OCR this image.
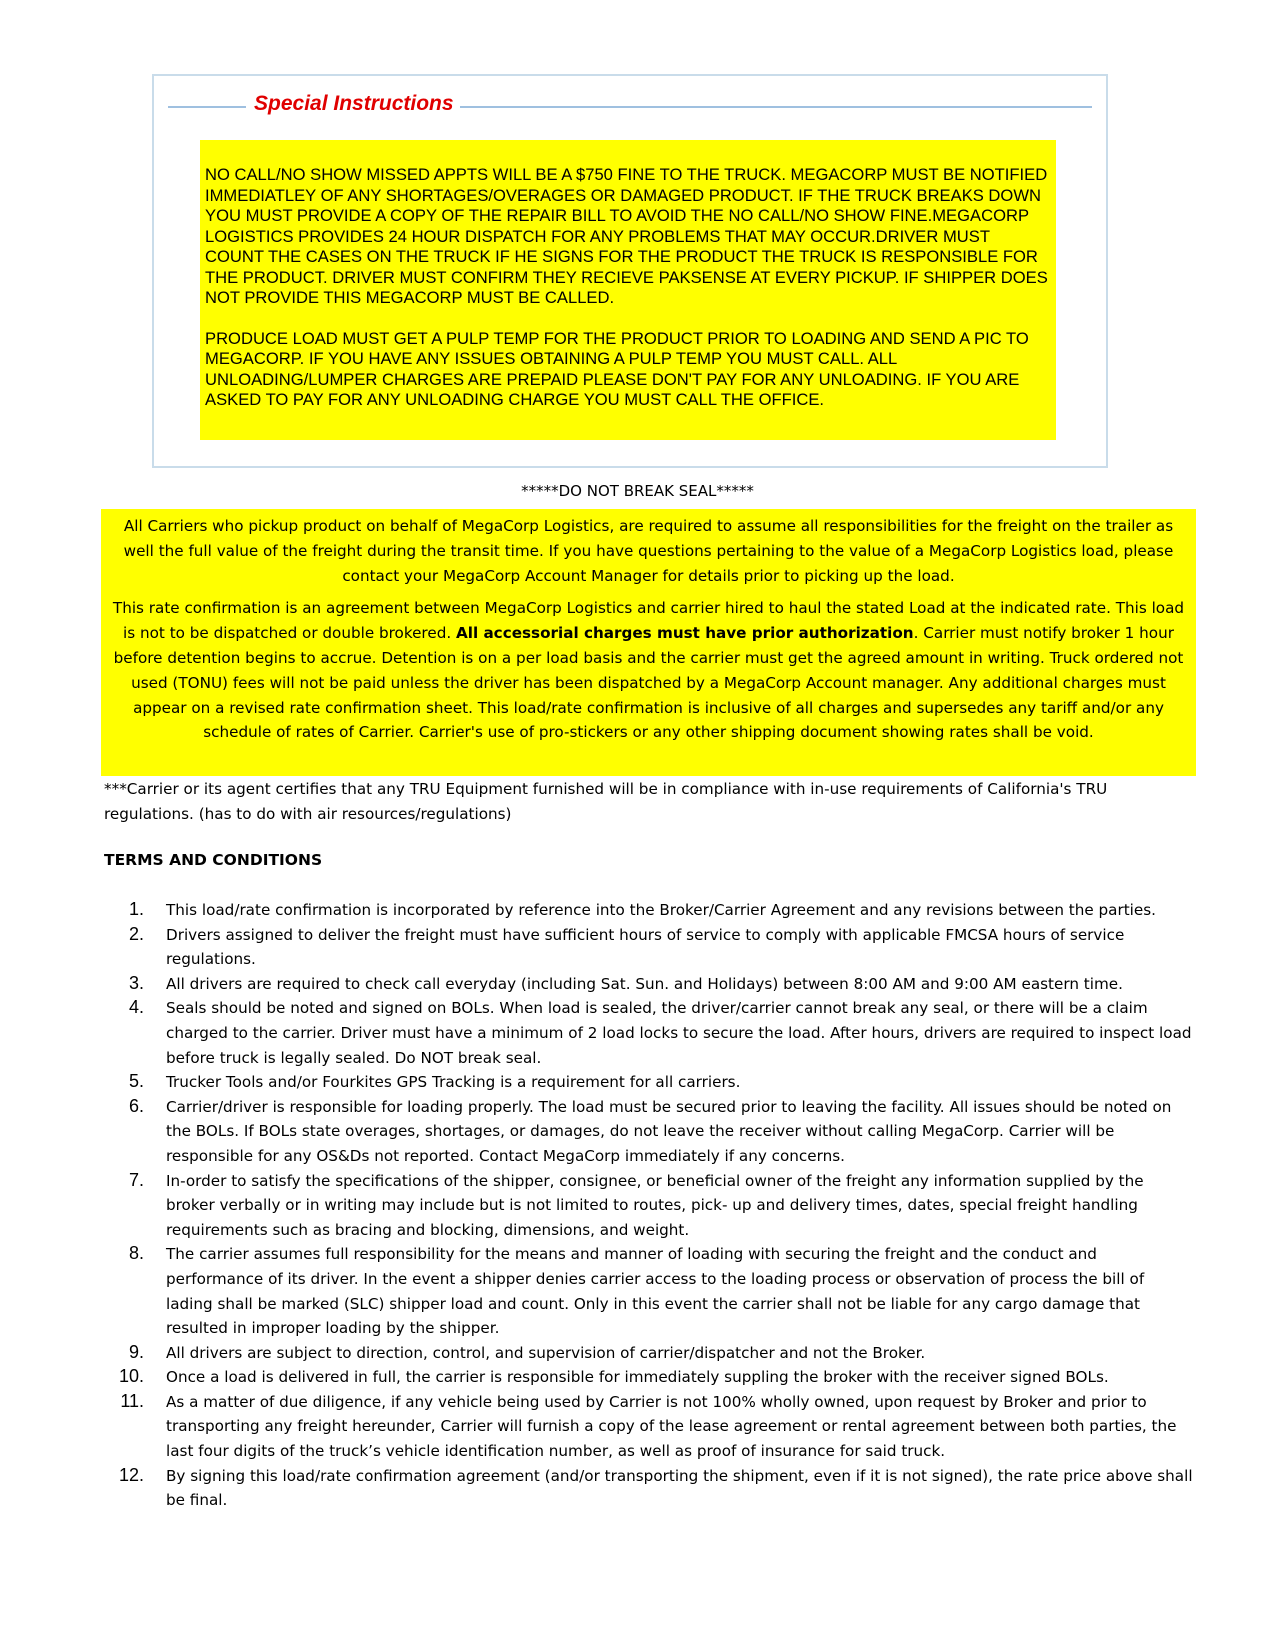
Special Instructions

NO CALL/NO SHOW MISSED APPTS WILL BE A $750 FINE TO THE TRUCK. MEGACORP MUST BE NOTIFIED IMMEDIATLEY OF ANY SHORTAGES/OVERAGES OR DAMAGED PRODUCT. IF THE TRUCK BREAKS DOWN YOU MUST PROVIDE A COPY OF THE REPAIR BILL TO AVOID THE NO CALL/NO SHOW FINE.MEGACORP LOGISTICS PROVIDES 24 HOUR DISPATCH FOR ANY PROBLEMS THAT MAY OCCUR.DRIVER MUST COUNT THE CASES ON THE TRUCK IF HE SIGNS FOR THE PRODUCT THE TRUCK IS RESPONSIBLE FOR THE PRODUCT. DRIVER MUST CONFIRM THEY RECIEVE PAKSENSE AT EVERY PICKUP. IF SHIPPER DOES NOT PROVIDE THIS MEGACORP MUST BE CALLED.

PRODUCE LOAD MUST GET A PULP TEMP FOR THE PRODUCT PRIOR TO LOADING AND SEND A PIC TO MEGACORP. IF YOU HAVE ANY ISSUES OBTAINING A PULP TEMP YOU MUST CALL. ALL UNLOADING/LUMPER CHARGES ARE PREPAID PLEASE DON'T PAY FOR ANY UNLOADING. IF YOU ARE ASKED TO PAY FOR ANY UNLOADING CHARGE YOU MUST CALL THE OFFICE.

*****DO NOT BREAK SEAL*****

All Carriers who pickup product on behalf of MegaCorp Logistics, are required to assume all responsibilities for the freight on the trailer as well the full value of the freight during the transit time. If you have questions pertaining to the value of a MegaCorp Logistics load, please contact your MegaCorp Account Manager for details prior to picking up the load.

This rate confirmation is an agreement between MegaCorp Logistics and carrier hired to haul the stated Load at the indicated rate. This load is not to be dispatched or double brokered. All accessorial charges must have prior authorization. Carrier must notify broker 1 hour before detention begins to accrue. Detention is on a per load basis and the carrier must get the agreed amount in writing. Truck ordered not used (TONU) fees will not be paid unless the driver has been dispatched by a MegaCorp Account manager. Any additional charges must appear on a revised rate confirmation sheet. This load/rate confirmation is inclusive of all charges and supersedes any tariff and/or any schedule of rates of Carrier. Carrier's use of pro-stickers or any other shipping document showing rates shall be void.

***Carrier or its agent certifies that any TRU Equipment furnished will be in compliance with in-use requirements of California's TRU regulations. (has to do with air resources/regulations)
TERMS AND CONDITIONS
1. This load/rate confirmation is incorporated by reference into the Broker/Carrier Agreement and any revisions between the parties.
2. Drivers assigned to deliver the freight must have sufficient hours of service to comply with applicable FMCSA hours of service regulations.
3. All drivers are required to check call everyday (including Sat. Sun. and Holidays) between 8:00 AM and 9:00 AM eastern time.
4. Seals should be noted and signed on BOLs. When load is sealed, the driver/carrier cannot break any seal, or there will be a claim charged to the carrier. Driver must have a minimum of 2 load locks to secure the load. After hours, drivers are required to inspect load before truck is legally sealed. Do NOT break seal.
5. Trucker Tools and/or Fourkites GPS Tracking is a requirement for all carriers.
6. Carrier/driver is responsible for loading properly. The load must be secured prior to leaving the facility. All issues should be noted on the BOLs. If BOLs state overages, shortages, or damages, do not leave the receiver without calling MegaCorp. Carrier will be responsible for any OS&Ds not reported. Contact MegaCorp immediately if any concerns.
7. In-order to satisfy the specifications of the shipper, consignee, or beneficial owner of the freight any information supplied by the broker verbally or in writing may include but is not limited to routes, pick- up and delivery times, dates, special freight handling requirements such as bracing and blocking, dimensions, and weight.
8. The carrier assumes full responsibility for the means and manner of loading with securing the freight and the conduct and performance of its driver. In the event a shipper denies carrier access to the loading process or observation of process the bill of lading shall be marked (SLC) shipper load and count. Only in this event the carrier shall not be liable for any cargo damage that resulted in improper loading by the shipper.
9. All drivers are subject to direction, control, and supervision of carrier/dispatcher and not the Broker.
10. Once a load is delivered in full, the carrier is responsible for immediately suppling the broker with the receiver signed BOLs.
11. As a matter of due diligence, if any vehicle being used by Carrier is not 100% wholly owned, upon request by Broker and prior to transporting any freight hereunder, Carrier will furnish a copy of the lease agreement or rental agreement between both parties, the last four digits of the truck’s vehicle identification number, as well as proof of insurance for said truck.
12. By signing this load/rate confirmation agreement (and/or transporting the shipment, even if it is not signed), the rate price above shall be final.
